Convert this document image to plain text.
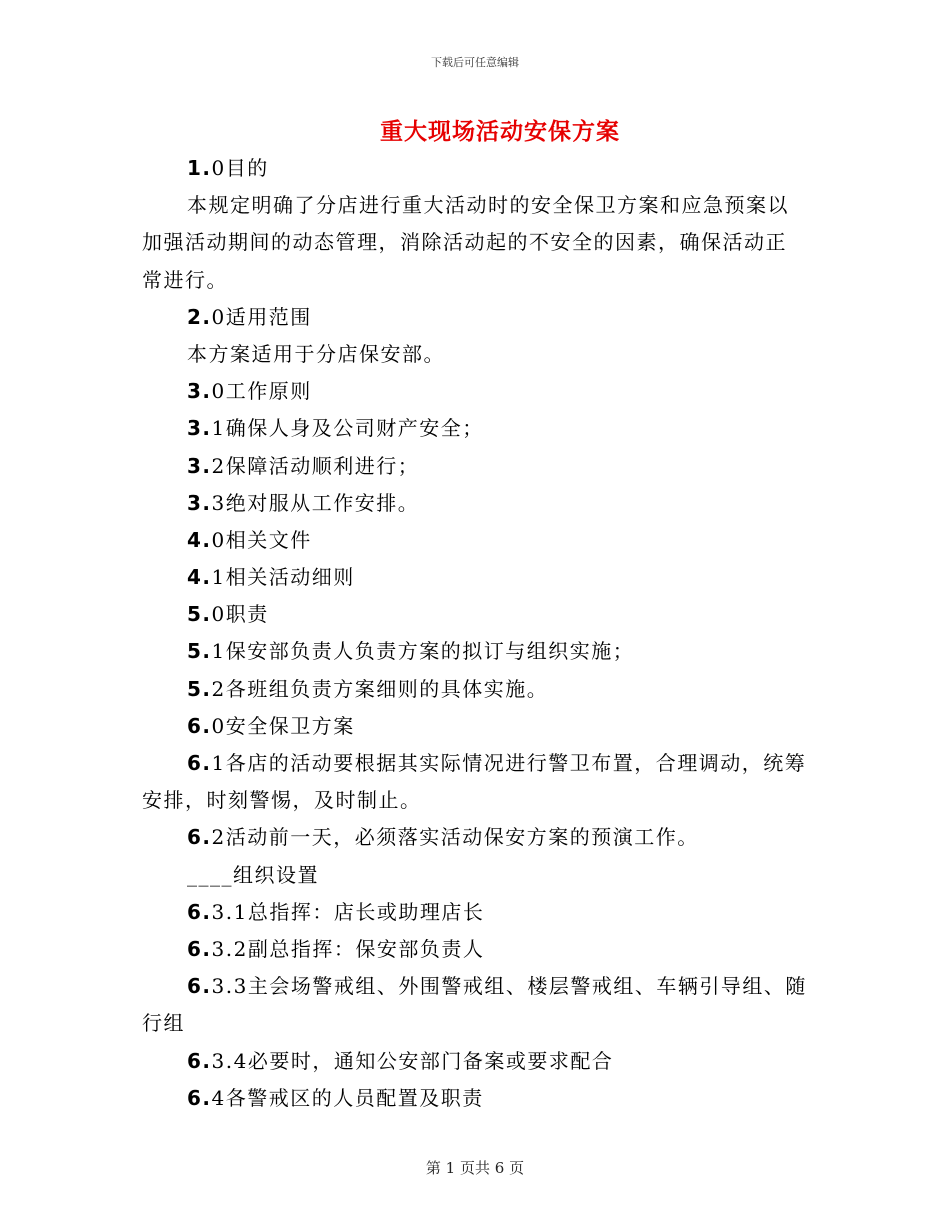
下载后可任意编辑
重大现场活动安保方案
1.0目的
本规定明确了分店进行重大活动时的安全保卫方案和应急预案以
加强活动期间的动态管理，消除活动起的不安全的因素，确保活动正
常进行。
2.0适用范围
本方案适用于分店保安部。
3.0工作原则
3.1确保人身及公司财产安全；
3.2保障活动顺利进行；
3.3绝对服从工作安排。
4.0相关文件
4.1相关活动细则
5.0职责
5.1保安部负责人负责方案的拟订与组织实施；
5.2各班组负责方案细则的具体实施。
6.0安全保卫方案
6.1各店的活动要根据其实际情况进行警卫布置，合理调动，统筹
安排，时刻警惕，及时制止。
6.2活动前一天，必须落实活动保安方案的预演工作。
____组织设置
6.3.1总指挥：店长或助理店长
6.3.2副总指挥：保安部负责人
6.3.3主会场警戒组、外围警戒组、楼层警戒组、车辆引导组、随
行组
6.3.4必要时，通知公安部门备案或要求配合
6.4各警戒区的人员配置及职责
第 1 页共 6 页
